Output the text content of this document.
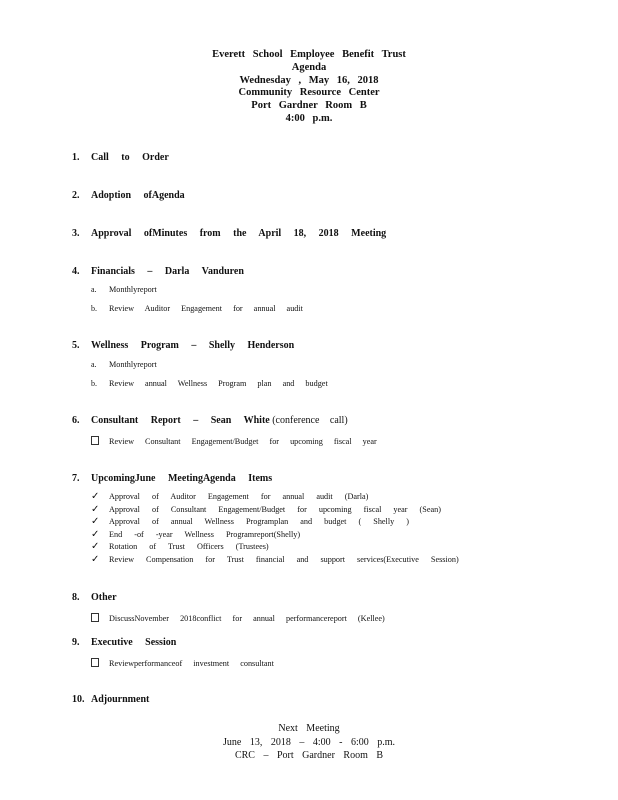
Everett School Employee Benefit Trust
Agenda
Wednesday , May 16, 2018
Community Resource Center
Port Gardner Room B
4:00 p.m.
1. Call to Order
2. Adoption ofAgenda
3. Approval ofMinutes from the April 18, 2018 Meeting
4. Financials – Darla Vanduren
a. Monthlyreport
b. Review Auditor Engagement for annual audit
5. Wellness Program – Shelly Henderson
a. Monthlyreport
b. Review annual Wellness Program plan and budget
6. Consultant Report – Sean White (conference call)
Review Consultant Engagement/Budget for upcoming fiscal year
7. UpcomingJune MeetingAgenda Items
✓ Approval of Auditor Engagement for annual audit (Darla)
✓ Approval of Consultant Engagement/Budget for upcoming fiscal year (Sean)
✓ Approval of annual Wellness Programplan and budget ( Shelly )
✓ End -of -year Wellness Programreport(Shelly)
✓ Rotation of Trust Officers (Trustees)
✓ Review Compensation for Trust financial and support services(Executive Session)
8. Other
DiscussNovember 2018conflict for annual performancereport (Kellee)
9. Executive Session
Reviewperformanceof investment consultant
10. Adjournment
Next Meeting
June 13, 2018 – 4:00 - 6:00 p.m.
CRC – Port Gardner Room B
